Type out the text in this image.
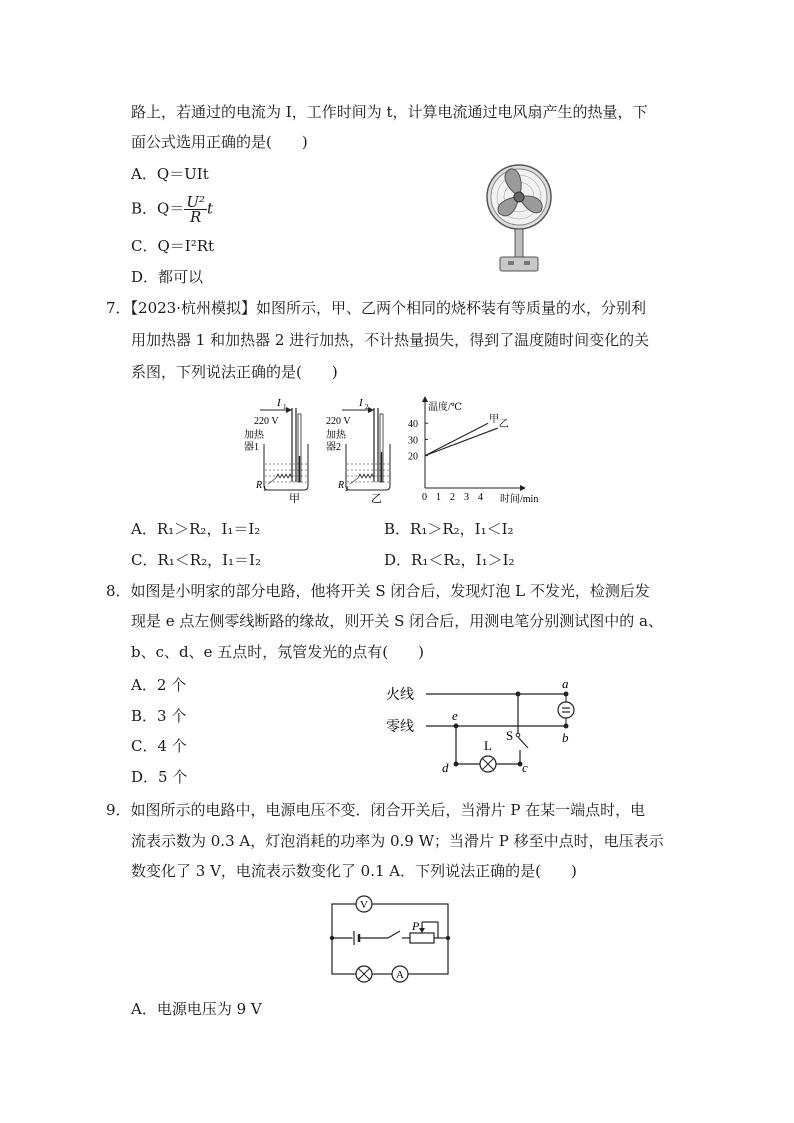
路上，若通过的电流为 I，工作时间为 t，计算电流通过电风扇产生的热量，下
面公式选用正确的是(　　)
A．Q＝UIt
B．$Q= \frac{\text{U²}}{R}$ t
C．Q＝I²Rt
D．都可以
7．【2023·杭州模拟】如图所示，甲、乙两个相同的烧杯装有等质量的水，分别利
用加热器 1 和加热器 2 进行加热，不计热量损失，得到了温度随时间变化的关
系图，下列说法正确的是(　　)
I 1
220 V
加热
器1
R 1
甲
I 2
220 V
加热
器2
R 2
乙
温度/℃
时间/min
0 1 2 3 4
20
30
40	甲 乙
A．R₁＞R₂，I₁＝I₂	B．R₁＞R₂，I₁＜I₂
C．R₁＜R₂，I₁＝I₂	D．R₁＜R₂，I₁＞I₂
8．如图是小明家的部分电路，他将开关 S 闭合后，发现灯泡 L 不发光，检测后发
现是 e 点左侧零线断路的缘故，则开关 S 闭合后，用测电笔分别测试图中的 a、
b、c、d、e 五点时，氖管发光的点有(　　)
A．2 个
B．3 个
C．4 个
D．5 个
火线
零线
a
b
e
S
c
L
d
9．如图所示的电路中，电源电压不变．闭合开关后，当滑片 P 在某一端点时，电
流表示数为 0.3 A，灯泡消耗的功率为 0.9 W；当滑片 P 移至中点时，电压表示
数变化了 3 V，电流表示数变化了 0.1 A．下列说法正确的是(　　)
V
P
A
A．电源电压为 9 V
